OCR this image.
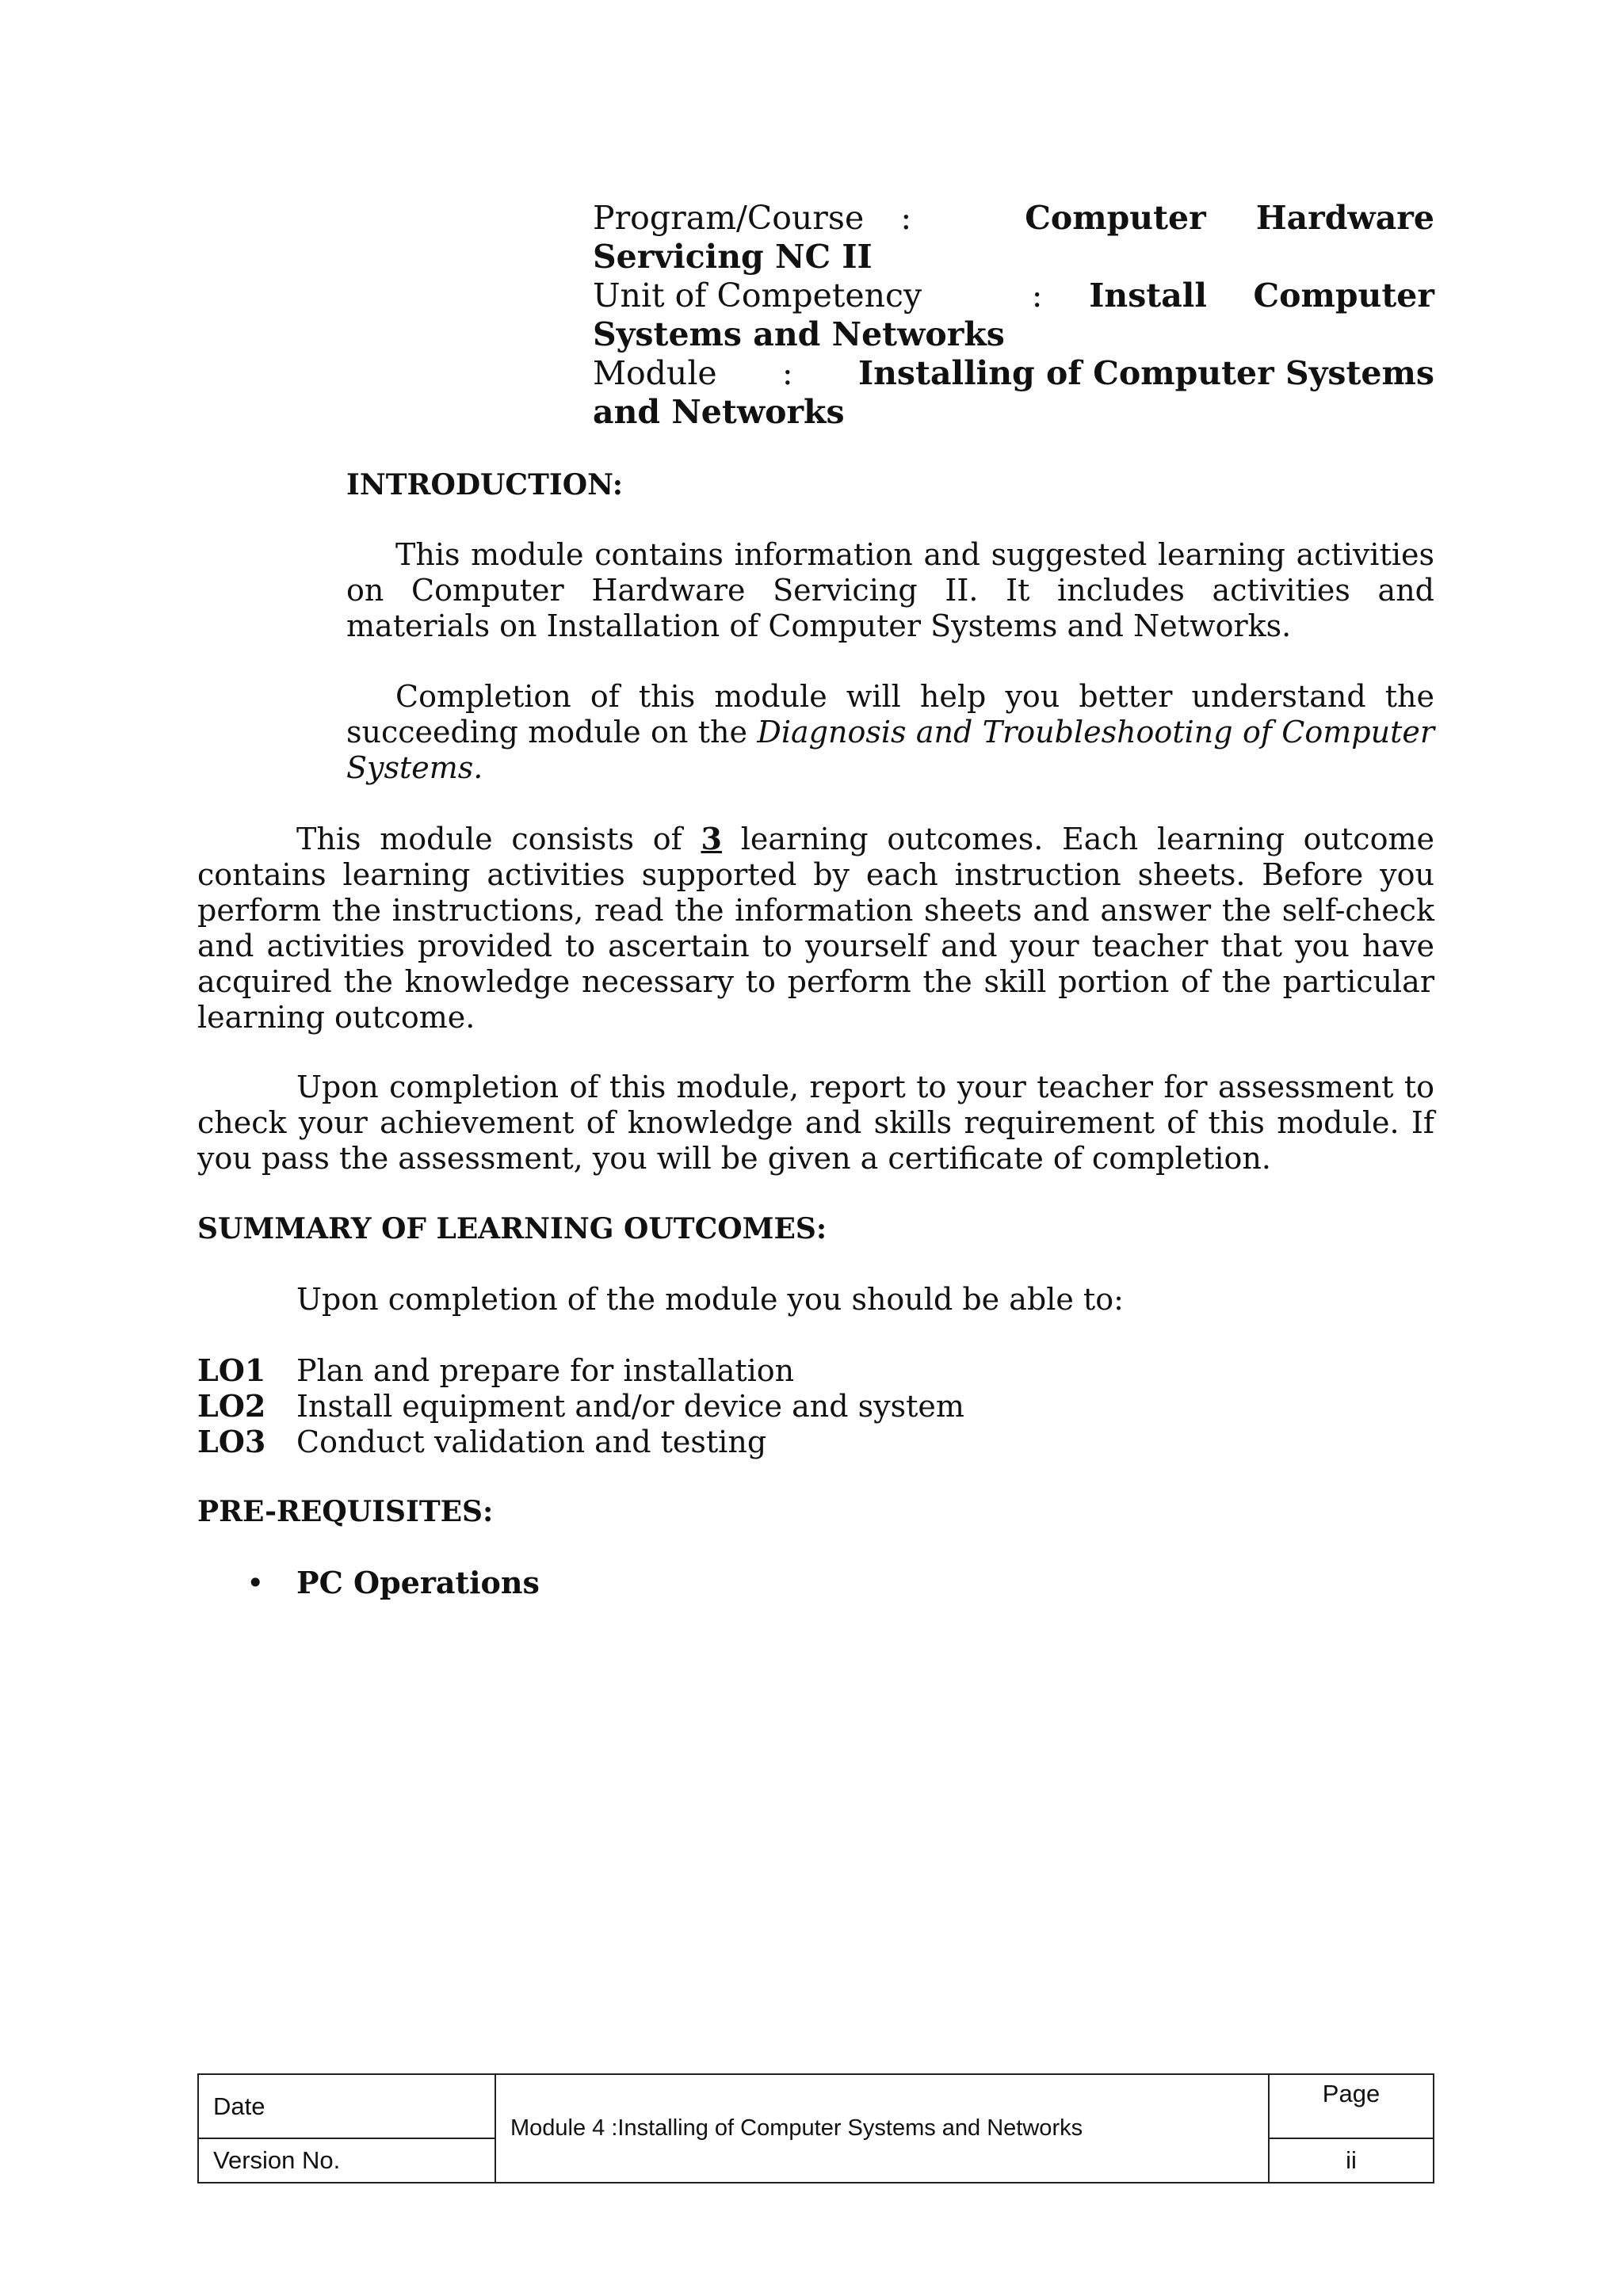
Program/Course :	Computer Hardware
Servicing NC II
Unit of Competency	: Install Computer
Systems and Networks
Module : Installing of Computer Systems
and Networks
INTRODUCTION:
This module contains information and suggested learning activities on Computer Hardware Servicing II. It includes activities and materials on Installation of Computer Systems and Networks.
Completion of this module will help you better understand the succeeding module on the Diagnosis and Troubleshooting of Computer Systems.
This module consists of 3 learning outcomes. Each learning outcome contains learning activities supported by each instruction sheets. Before you perform the instructions, read the information sheets and answer the self-check and activities provided to ascertain to yourself and your teacher that you have acquired the knowledge necessary to perform the skill portion of the particular learning outcome.
Upon completion of this module, report to your teacher for assessment to check your achievement of knowledge and skills requirement of this module. If you pass the assessment, you will be given a certificate of completion.
SUMMARY OF LEARNING OUTCOMES:
Upon completion of the module you should be able to:
LO1 Plan and prepare for installation
LO2 Install equipment and/or device and system
LO3 Conduct validation and testing
PRE-REQUISITES:
• PC Operations
Date	Module 4 :Installing of Computer Systems and Networks	Page
Version No.		ii
